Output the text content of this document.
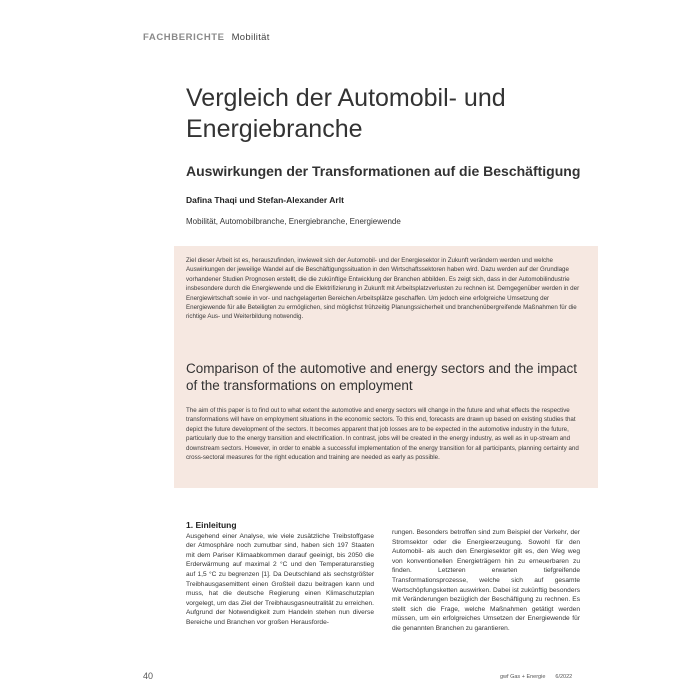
FACHBERICHTE Mobilität
Vergleich der Automobil- und Energiebranche
Auswirkungen der Transformationen auf die Beschäftigung
Dafina Thaqi und Stefan-Alexander Arlt
Mobilität, Automobilbranche, Energiebranche, Energiewende

Ziel dieser Arbeit ist es, herauszufinden, inwieweit sich der Automobil- und der Energiesektor in Zukunft verändern werden und welche Auswirkungen der jeweilige Wandel auf die Beschäftigungssituation in den Wirtschaftssektoren haben wird. Dazu werden auf der Grundlage vorhandener Studien Prognosen erstellt, die die zukünftige Entwicklung der Branchen abbilden. Es zeigt sich, dass in der Automobilindustrie insbesondere durch die Energiewende und die Elektrifizierung in Zukunft mit Arbeitsplatzverlusten zu rechnen ist. Demgegenüber werden in der Energiewirtschaft sowie in vor- und nachgelagerten Bereichen Arbeitsplätze geschaffen. Um jedoch eine erfolgreiche Umsetzung der Energiewende für alle Beteiligten zu ermöglichen, sind möglichst frühzeitig Planungssicherheit und branchenübergreifende Maßnahmen für die richtige Aus- und Weiterbildung notwendig.

Comparison of the automotive and energy sectors and the impact of the transformations on employment

The aim of this paper is to find out to what extent the automotive and energy sectors will change in the future and what effects the respective transformations will have on employment situations in the economic sectors. To this end, forecasts are drawn up based on existing studies that depict the future development of the sectors. It becomes apparent that job losses are to be expected in the automotive industry in the future, particularly due to the energy transition and electrification. In contrast, jobs will be created in the energy industry, as well as in up-stream and downstream sectors. However, in order to enable a successful implementation of the energy transition for all participants, planning certainty and cross-sectoral measures for the right education and training are needed as early as possible.

1. Einleitung

Ausgehend einer Analyse, wie viele zusätzliche Treibstoffgase der Atmosphäre noch zumutbar sind, haben sich 197 Staaten mit dem Pariser Klimaabkommen darauf geeinigt, bis 2050 die Erderwärmung auf maximal 2 °C und den Temperaturanstieg auf 1,5 °C zu begrenzen [1]. Da Deutschland als sechstgrößter Treibhausgasemittent einen Großteil dazu beitragen kann und muss, hat die deutsche Regierung einen Klimaschutzplan vorgelegt, um das Ziel der Treibhausgasneutralität zu erreichen. Aufgrund der Notwendigkeit zum Handeln stehen nun diverse Bereiche und Branchen vor großen Herausforde-

rungen. Besonders betroffen sind zum Beispiel der Verkehr, der Stromsektor oder die Energieerzeugung. Sowohl für den Automobil- als auch den Energiesektor gilt es, den Weg weg von konventionellen Energieträgern hin zu erneuerbaren zu finden. Letzteren erwarten tiefgreifende Transformationsprozesse, welche sich auf gesamte Wertschöpfungsketten auswirken. Dabei ist zukünftig besonders mit Veränderungen bezüglich der Beschäftigung zu rechnen. Es stellt sich die Frage, welche Maßnahmen getätigt werden müssen, um ein erfolgreiches Umsetzen der Energiewende für die genannten Branchen zu garantieren.

40	gwf Gas + Energie 6/2022
